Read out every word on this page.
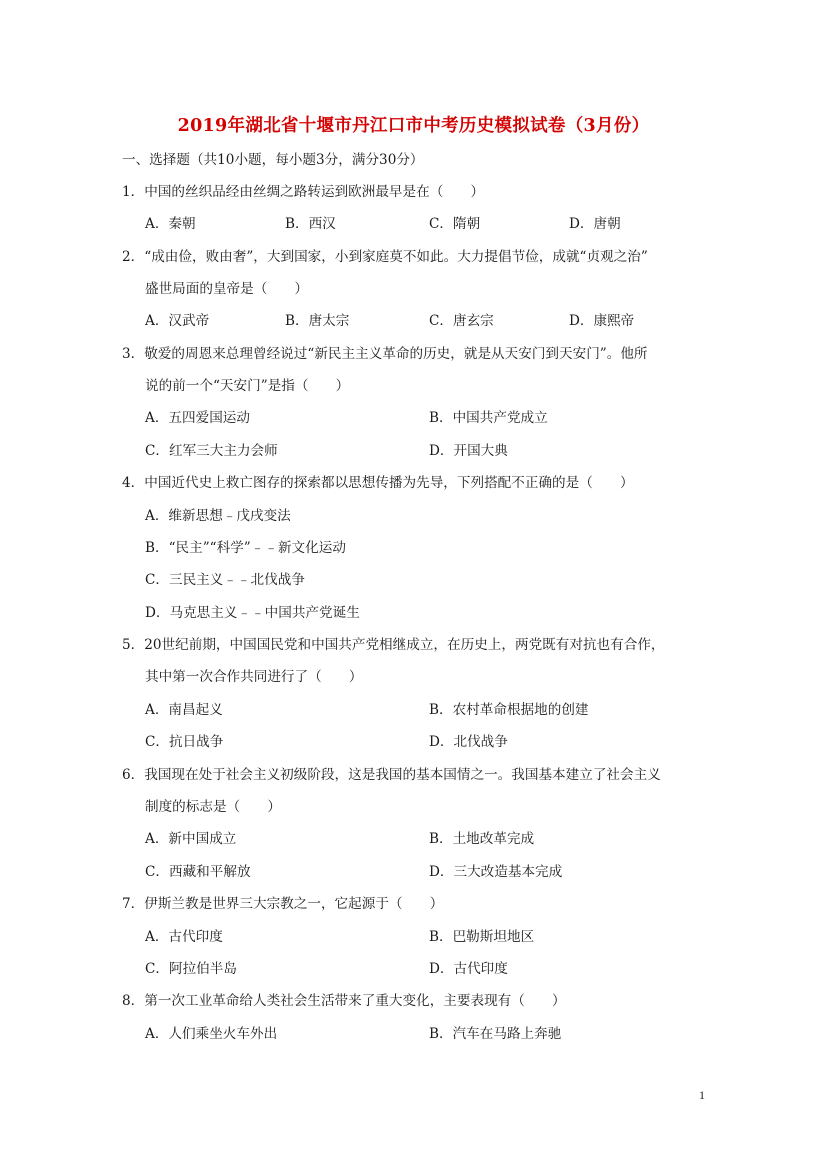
2019年湖北省十堰市丹江口市中考历史模拟试卷（3月份）
一、选择题（共10小题，每小题3分，满分30分）
1．中国的丝织品经由丝绸之路转运到欧洲最早是在（　　）
A．秦朝	B．西汉	C．隋朝	D．唐朝
2．“成由俭，败由奢”，大到国家，小到家庭莫不如此。大力提倡节俭，成就“贞观之治”
盛世局面的皇帝是（　　）
A．汉武帝	B．唐太宗	C．唐玄宗	D．康熙帝
3．敬爱的周恩来总理曾经说过“新民主主义革命的历史，就是从天安门到天安门”。他所
说的前一个“天安门”是指（　　）
A．五四爱国运动	B．中国共产党成立
C．红军三大主力会师	D．开国大典
4．中国近代史上救亡图存的探索都以思想传播为先导，下列搭配不正确的是（　　）
A．维新思想﹣戊戌变法
B．“民主”“科学”﹣﹣新文化运动
C．三民主义﹣﹣北伐战争
D．马克思主义﹣﹣中国共产党诞生
5．20世纪前期，中国国民党和中国共产党相继成立，在历史上，两党既有对抗也有合作，
其中第一次合作共同进行了（　　）
A．南昌起义	B．农村革命根据地的创建
C．抗日战争	D．北伐战争
6．我国现在处于社会主义初级阶段，这是我国的基本国情之一。我国基本建立了社会主义
制度的标志是（　　）
A．新中国成立	B．土地改革完成
C．西藏和平解放	D．三大改造基本完成
7．伊斯兰教是世界三大宗教之一，它起源于（　　）
A．古代印度	B．巴勒斯坦地区
C．阿拉伯半岛	D．古代印度
8．第一次工业革命给人类社会生活带来了重大变化，主要表现有（　　）
A．人们乘坐火车外出	B．汽车在马路上奔驰
1
